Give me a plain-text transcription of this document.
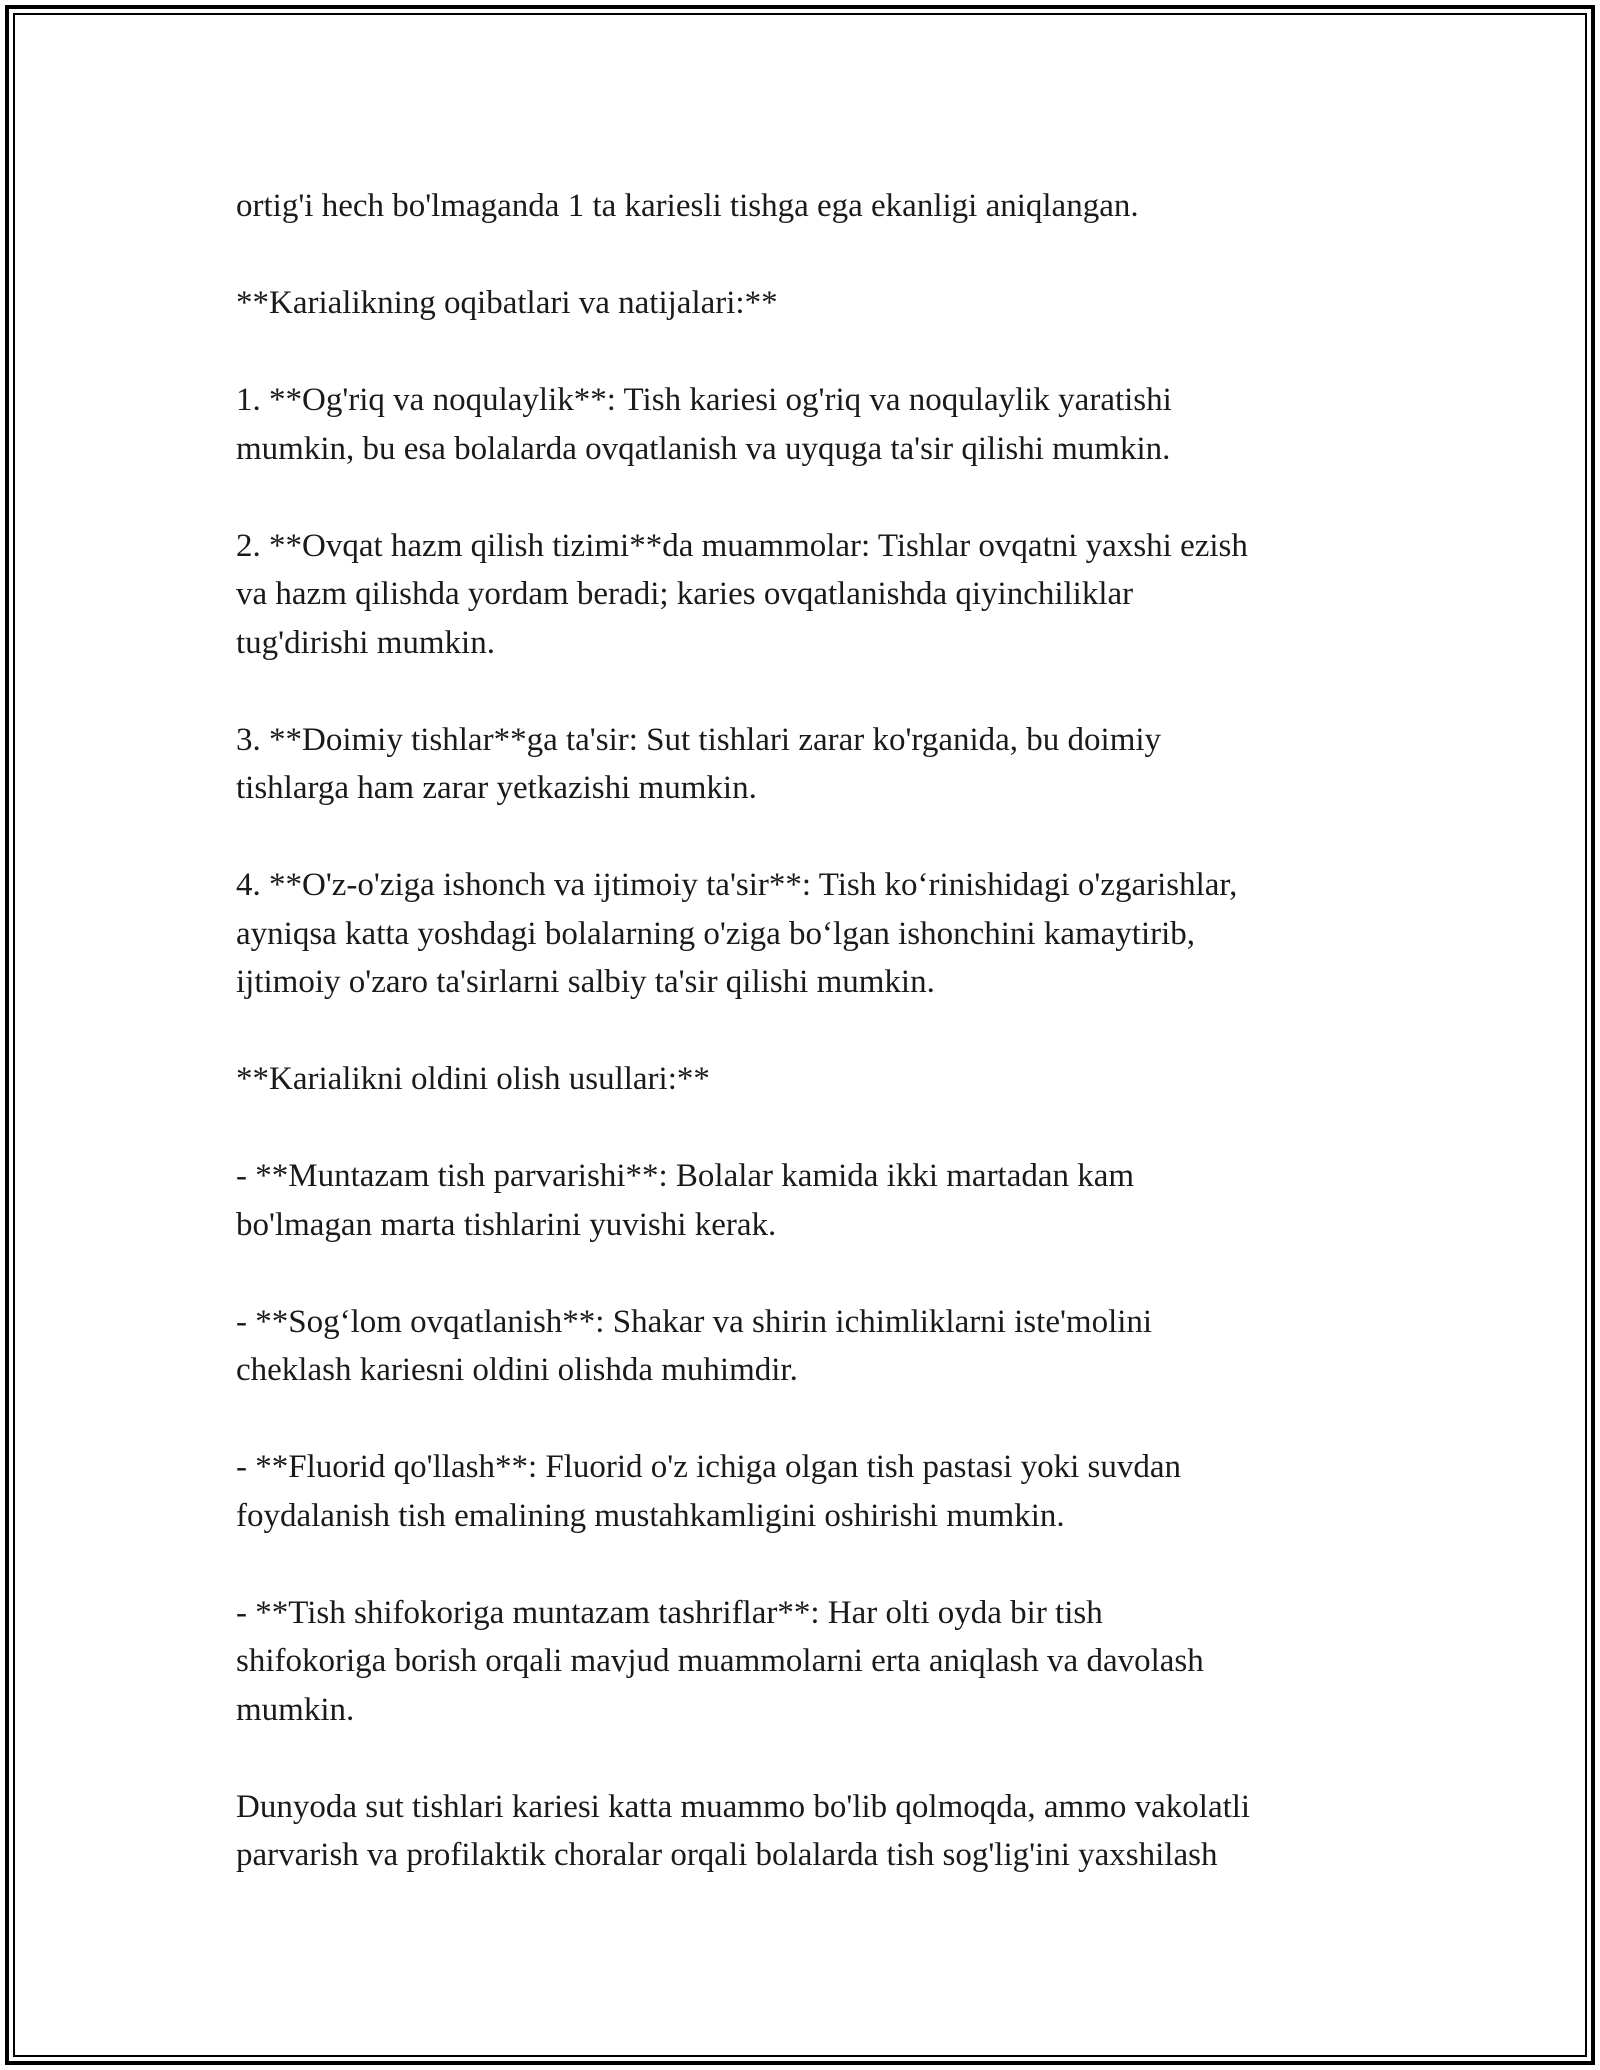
ortig'i hech bo'lmaganda 1 ta kariesli tishga ega ekanligi aniqlangan.

**Karialikning oqibatlari va natijalari:**

1. **Og'riq va noqulaylik**: Tish kariesi og'riq va noqulaylik yaratishi
mumkin, bu esa bolalarda ovqatlanish va uyquga ta'sir qilishi mumkin.

2. **Ovqat hazm qilish tizimi**da muammolar: Tishlar ovqatni yaxshi ezish
va hazm qilishda yordam beradi; karies ovqatlanishda qiyinchiliklar
tug'dirishi mumkin.

3. **Doimiy tishlar**ga ta'sir: Sut tishlari zarar ko'rganida, bu doimiy
tishlarga ham zarar yetkazishi mumkin.

4. **O'z-o'ziga ishonch va ijtimoiy ta'sir**: Tish ko‘rinishidagi o'zgarishlar,
ayniqsa katta yoshdagi bolalarning o'ziga bo‘lgan ishonchini kamaytirib,
ijtimoiy o'zaro ta'sirlarni salbiy ta'sir qilishi mumkin.

**Karialikni oldini olish usullari:**

- **Muntazam tish parvarishi**: Bolalar kamida ikki martadan kam
bo'lmagan marta tishlarini yuvishi kerak.

- **Sog‘lom ovqatlanish**: Shakar va shirin ichimliklarni iste'molini
cheklash kariesni oldini olishda muhimdir.

- **Fluorid qo'llash**: Fluorid o'z ichiga olgan tish pastasi yoki suvdan
foydalanish tish emalining mustahkamligini oshirishi mumkin.

- **Tish shifokoriga muntazam tashriflar**: Har olti oyda bir tish
shifokoriga borish orqali mavjud muammolarni erta aniqlash va davolash
mumkin.

Dunyoda sut tishlari kariesi katta muammo bo'lib qolmoqda, ammo vakolatli
parvarish va profilaktik choralar orqali bolalarda tish sog'lig'ini yaxshilash
